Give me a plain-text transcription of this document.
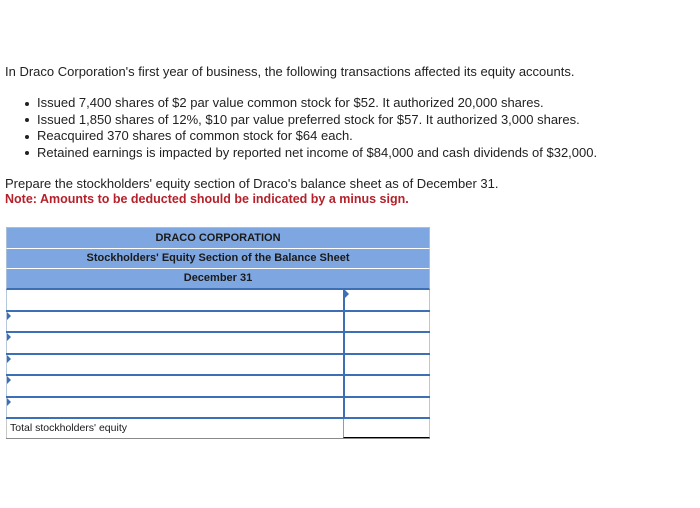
In Draco Corporation's first year of business, the following transactions affected its equity accounts.
Issued 7,400 shares of $2 par value common stock for $52. It authorized 20,000 shares.
Issued 1,850 shares of 12%, $10 par value preferred stock for $57. It authorized 3,000 shares.
Reacquired 370 shares of common stock for $64 each.
Retained earnings is impacted by reported net income of $84,000 and cash dividends of $32,000.
Prepare the stockholders' equity section of Draco's balance sheet as of December 31.
Note: Amounts to be deducted should be indicated by a minus sign.
DRACO CORPORATION
Stockholders' Equity Section of the Balance Sheet
December 31
Total stockholders' equity
